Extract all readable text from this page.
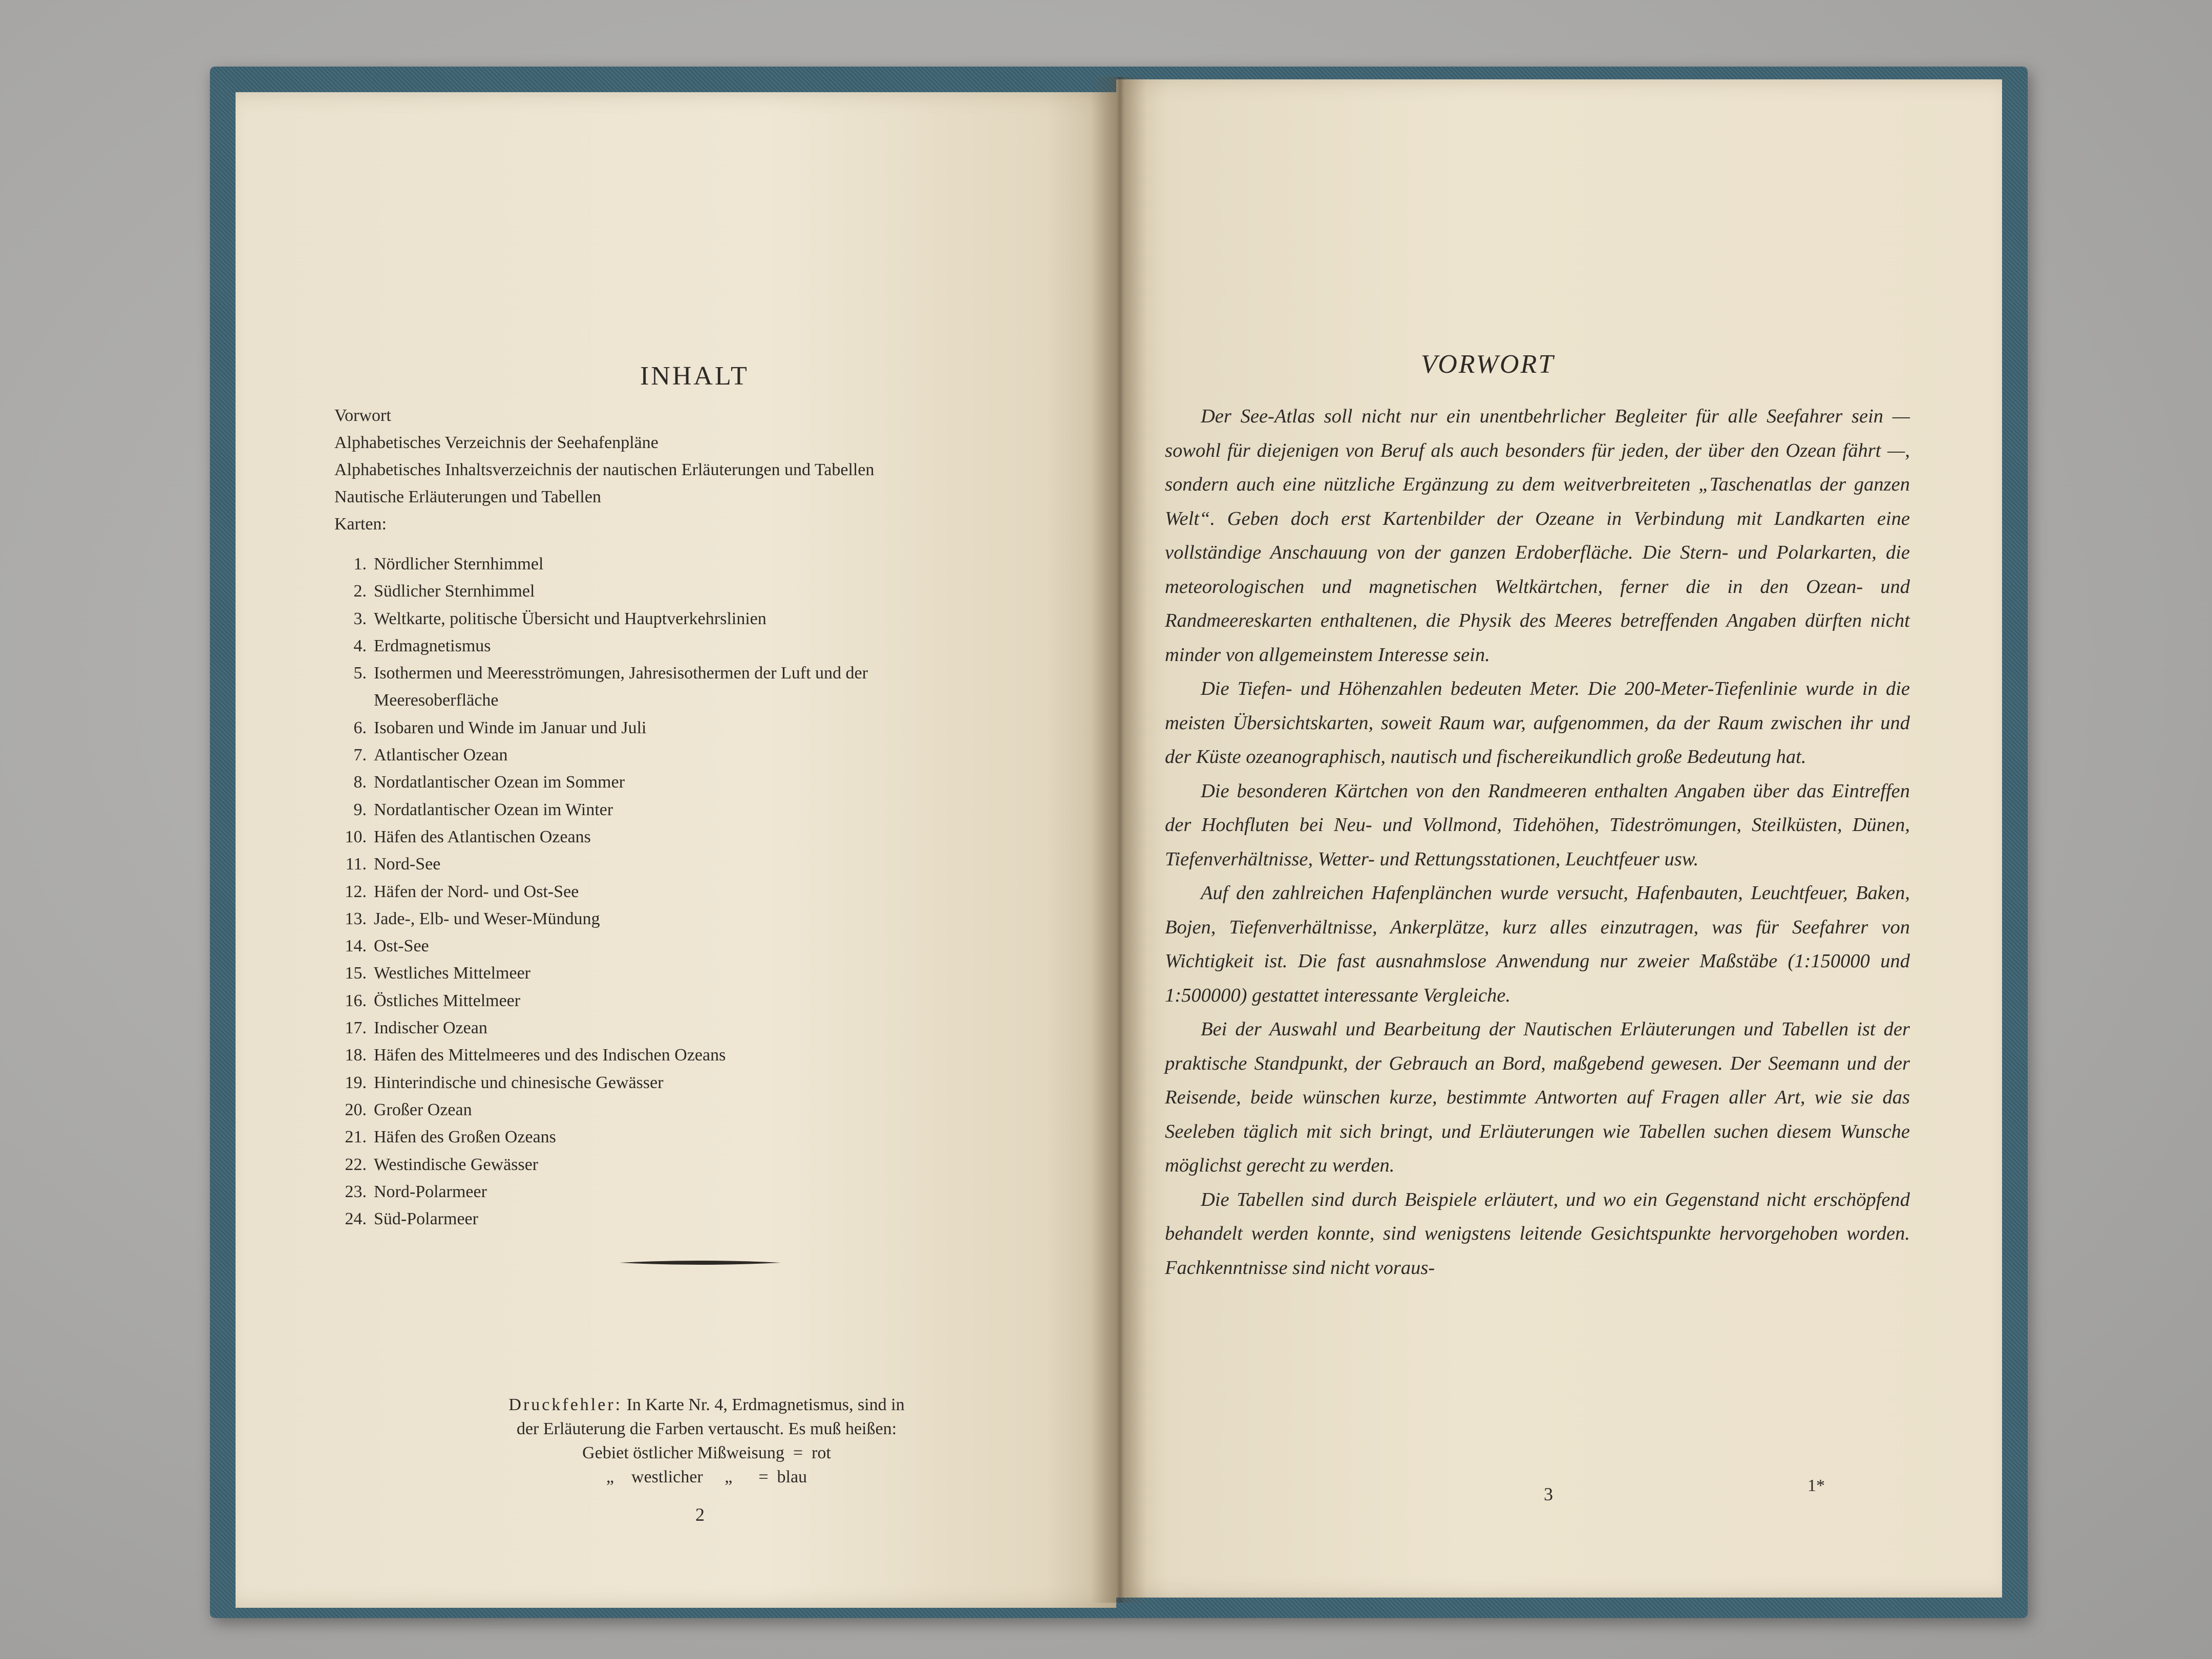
INHALT
Vorwort
Alphabetisches Verzeichnis der Seehafenpläne
Alphabetisches Inhaltsverzeichnis der nautischen Erläuterungen und Tabellen
Nautische Erläuterungen und Tabellen
Karten:
1. Nördlicher Sternhimmel
2. Südlicher Sternhimmel
3. Weltkarte, politische Übersicht und Hauptverkehrslinien
4. Erdmagnetismus
5. Isothermen und Meeresströmungen, Jahresisothermen der Luft und der
Meeresoberfläche
6. Isobaren und Winde im Januar und Juli
7. Atlantischer Ozean
8. Nordatlantischer Ozean im Sommer
9. Nordatlantischer Ozean im Winter
10. Häfen des Atlantischen Ozeans
11. Nord-See
12. Häfen der Nord- und Ost-See
13. Jade-, Elb- und Weser-Mündung
14. Ost-See
15. Westliches Mittelmeer
16. Östliches Mittelmeer
17. Indischer Ozean
18. Häfen des Mittelmeeres und des Indischen Ozeans
19. Hinterindische und chinesische Gewässer
20. Großer Ozean
21. Häfen des Großen Ozeans
22. Westindische Gewässer
23. Nord-Polarmeer
24. Süd-Polarmeer
Druckfehler: In Karte Nr. 4, Erdmagnetismus, sind in
der Erläuterung die Farben vertauscht. Es muß heißen:
Gebiet östlicher Mißweisung  =  rot
„    westlicher     „      =  blau
2
VORWORT

Der See-Atlas soll nicht nur ein unentbehrlicher Begleiter für alle Seefahrer sein — sowohl für diejenigen von Beruf als auch besonders für jeden, der über den Ozean fährt —, sondern auch eine nützliche Ergänzung zu dem weitverbreiteten „Taschenatlas der ganzen Welt“. Geben doch erst Kartenbilder der Ozeane in Verbindung mit Landkarten eine vollständige Anschauung von der ganzen Erdoberfläche. Die Stern- und Polarkarten, die meteorologischen und magnetischen Weltkärtchen, ferner die in den Ozean- und Randmeereskarten enthaltenen, die Physik des Meeres betreffenden Angaben dürften nicht minder von allgemeinstem Interesse sein.

Die Tiefen- und Höhenzahlen bedeuten Meter. Die 200-Meter-Tiefenlinie wurde in die meisten Übersichtskarten, soweit Raum war, aufgenommen, da der Raum zwischen ihr und der Küste ozeanographisch, nautisch und fischereikundlich große Bedeutung hat.

Die besonderen Kärtchen von den Randmeeren enthalten Angaben über das Eintreffen der Hochfluten bei Neu- und Vollmond, Tidehöhen, Tideströmungen, Steilküsten, Dünen, Tiefenverhältnisse, Wetter- und Rettungsstationen, Leuchtfeuer usw.

Auf den zahlreichen Hafenplänchen wurde versucht, Hafenbauten, Leuchtfeuer, Baken, Bojen, Tiefenverhältnisse, Ankerplätze, kurz alles einzutragen, was für Seefahrer von Wichtigkeit ist. Die fast ausnahmslose Anwendung nur zweier Maßstäbe (1:150000 und 1:500000) gestattet interessante Vergleiche.

Bei der Auswahl und Bearbeitung der Nautischen Erläuterungen und Tabellen ist der praktische Standpunkt, der Gebrauch an Bord, maßgebend gewesen. Der Seemann und der Reisende, beide wünschen kurze, bestimmte Antworten auf Fragen aller Art, wie sie das Seeleben täglich mit sich bringt, und Erläuterungen wie Tabellen suchen diesem Wunsche möglichst gerecht zu werden.

Die Tabellen sind durch Beispiele erläutert, und wo ein Gegenstand nicht erschöpfend behandelt werden konnte, sind wenigstens leitende Gesichtspunkte hervorgehoben worden. Fachkenntnisse sind nicht voraus-

3	1*
